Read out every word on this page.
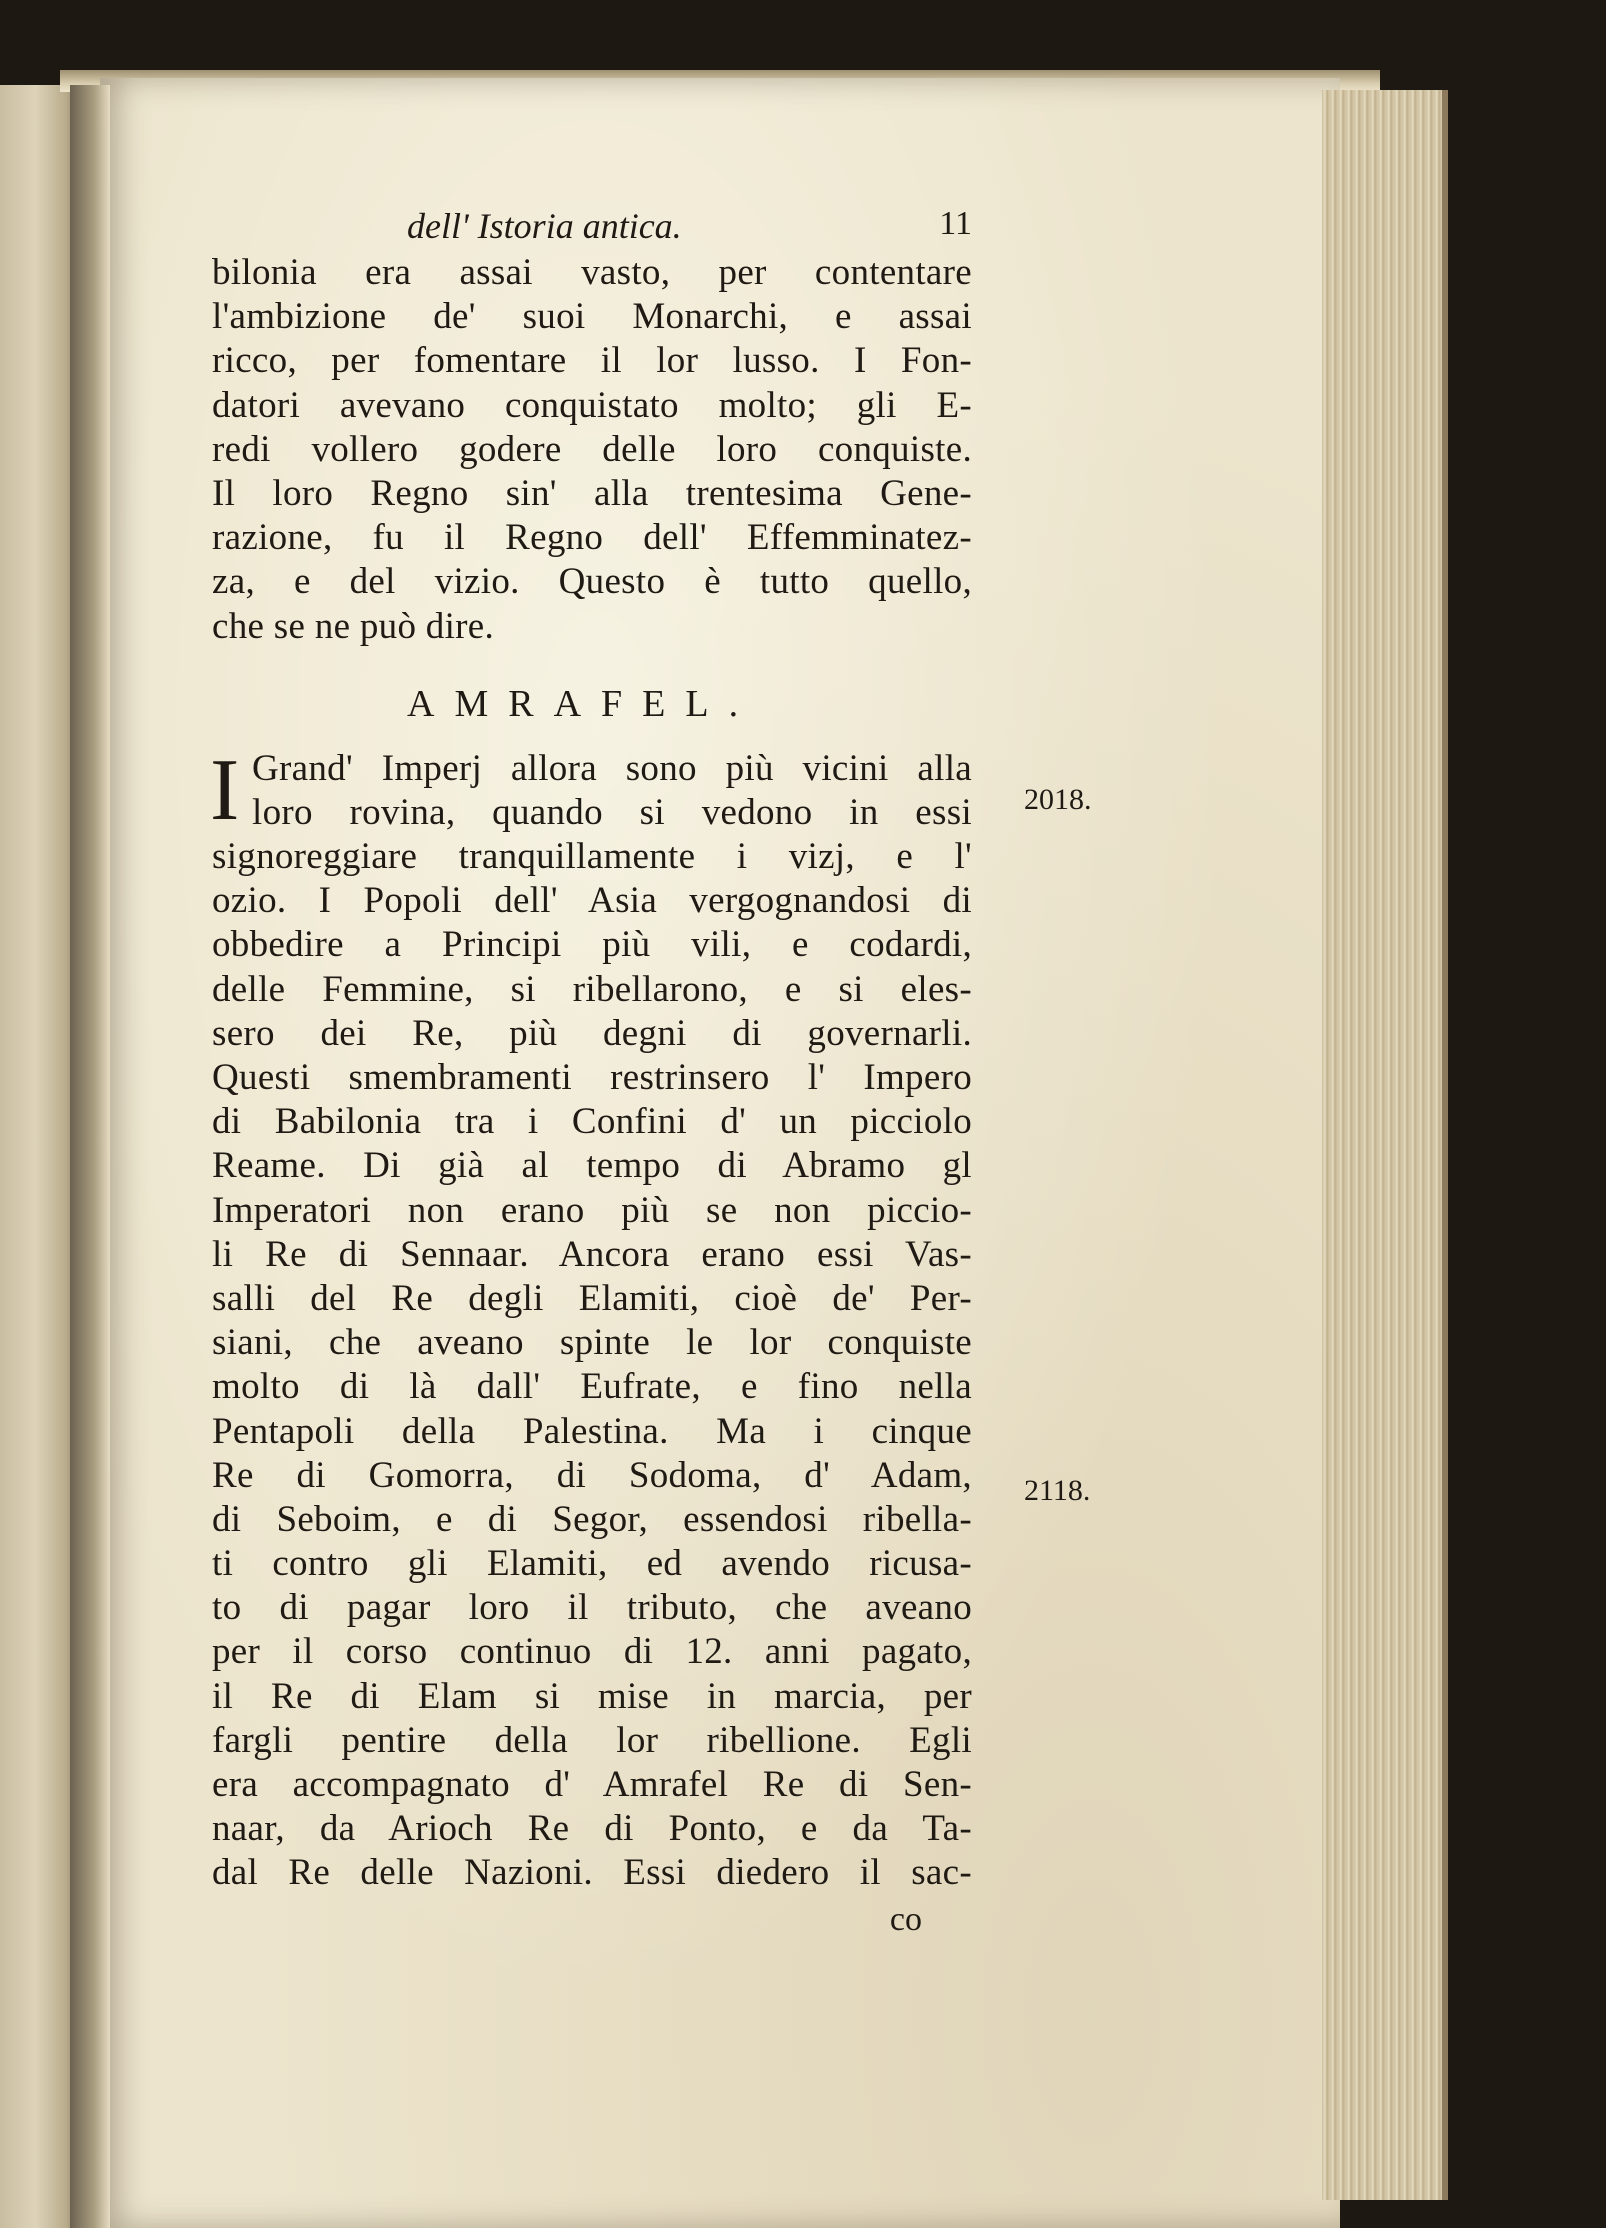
dell' Istoria antica.	11
bilonia era assai vasto, per contentare
l'ambizione de' suoi Monarchi, e assai
ricco, per fomentare il lor lusso. I Fon-
datori avevano conquistato molto; gli E-
redi vollero godere delle loro conquiste.
Il loro Regno sin' alla trentesima Gene-
razione, fu il Regno dell' Effemminatez-
za, e del vizio. Questo è tutto quello,
che se ne può dire.
AMRAFEL.
I Grand' Imperj allora sono più vicini alla
loro rovina, quando si vedono in essi
signoreggiare tranquillamente i vizj, e l'
ozio. I Popoli dell' Asia vergognandosi di
obbedire a Principi più vili, e codardi,
delle Femmine, si ribellarono, e si eles-
sero dei Re, più degni di governarli.
Questi smembramenti restrinsero l' Impero
di Babilonia tra i Confini d' un picciolo
Reame. Di già al tempo di Abramo gl
Imperatori non erano più se non piccio-
li Re di Sennaar. Ancora erano essi Vas-
salli del Re degli Elamiti, cioè de' Per-
siani, che aveano spinte le lor conquiste
molto di là dall' Eufrate, e fino nella
Pentapoli della Palestina. Ma i cinque
Re di Gomorra, di Sodoma, d' Adam,
di Seboim, e di Segor, essendosi ribella-
ti contro gli Elamiti, ed avendo ricusa-
to di pagar loro il tributo, che aveano
per il corso continuo di 12. anni pagato,
il Re di Elam si mise in marcia, per
fargli pentire della lor ribellione. Egli
era accompagnato d' Amrafel Re di Sen-
naar, da Arioch Re di Ponto, e da Ta-
dal Re delle Nazioni. Essi diedero il sac-
co
2018.
2118.
